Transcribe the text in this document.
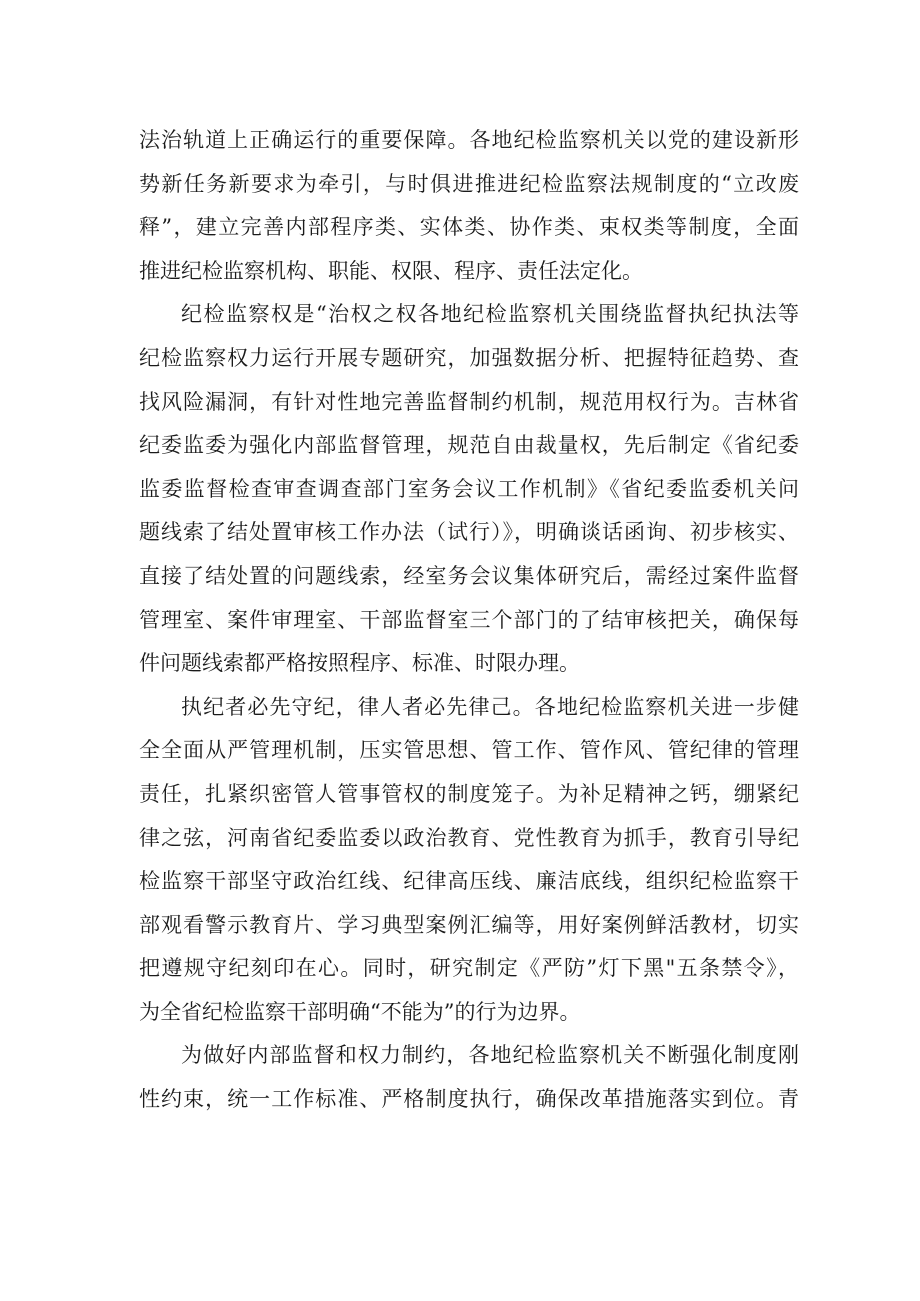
法治轨道上正确运行的重要保障。各地纪检监察机关以党的建设新形
势新任务新要求为牵引，与时俱进推进纪检监察法规制度的“立改废
释”，建立完善内部程序类、实体类、协作类、束权类等制度，全面
推进纪检监察机构、职能、权限、程序、责任法定化。
纪检监察权是“治权之权各地纪检监察机关围绕监督执纪执法等
纪检监察权力运行开展专题研究，加强数据分析、把握特征趋势、查
找风险漏洞，有针对性地完善监督制约机制，规范用权行为。吉林省
纪委监委为强化内部监督管理，规范自由裁量权，先后制定《省纪委
监委监督检查审查调查部门室务会议工作机制》《省纪委监委机关问
题线索了结处置审核工作办法（试行）》，明确谈话函询、初步核实、
直接了结处置的问题线索，经室务会议集体研究后，需经过案件监督
管理室、案件审理室、干部监督室三个部门的了结审核把关，确保每
件问题线索都严格按照程序、标准、时限办理。
执纪者必先守纪，律人者必先律己。各地纪检监察机关进一步健
全全面从严管理机制，压实管思想、管工作、管作风、管纪律的管理
责任，扎紧织密管人管事管权的制度笼子。为补足精神之钙，绷紧纪
律之弦，河南省纪委监委以政治教育、党性教育为抓手，教育引导纪
检监察干部坚守政治红线、纪律高压线、廉洁底线，组织纪检监察干
部观看警示教育片、学习典型案例汇编等，用好案例鲜活教材，切实
把遵规守纪刻印在心。同时，研究制定《严防”灯下黑"五条禁令》，
为全省纪检监察干部明确“不能为”的行为边界。
为做好内部监督和权力制约，各地纪检监察机关不断强化制度刚
性约束，统一工作标准、严格制度执行，确保改革措施落实到位。青
